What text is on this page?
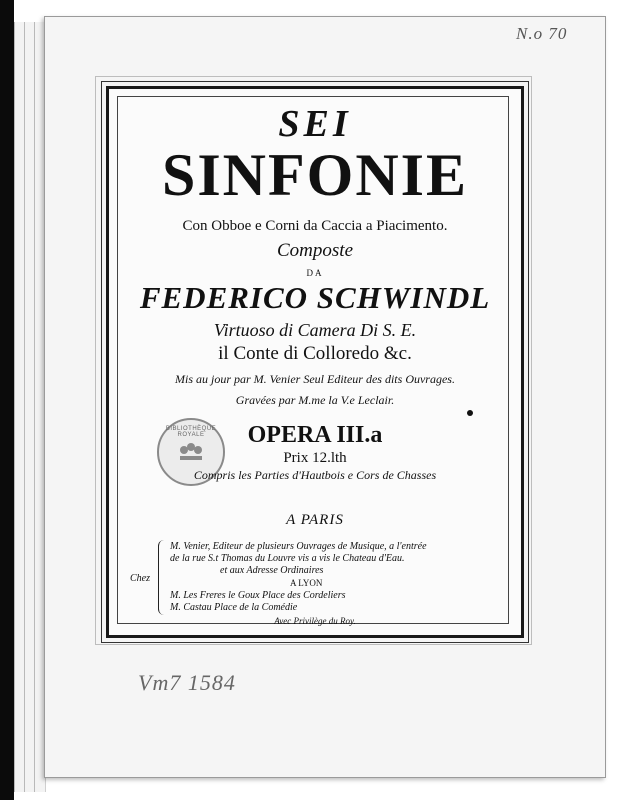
N.o 70
SEI
SINFONIE
Con Obboe e Corni da Caccia a Piacimento.
Composte
DA
FEDERICO SCHWINDL
Virtuoso di Camera Di S. E.
il Conte di Colloredo &c.
Mis au jour par M. Venier Seul Editeur des dits Ouvrages.
Gravées par M.me la V.e Leclair.
BIBLIOTHÈQUE ROYALE	OPERA III.a
Prix 12.lth
Compris les Parties d'Hautbois e Cors de Chasses
A PARIS
Chez
M. Venier, Editeur de plusieurs Ouvrages de Musique, a l'entrée
de la rue S.t Thomas du Louvre vis a vis le Chateau d'Eau.
et aux Adresse Ordinaires
A LYON
M. Les Freres le Goux Place des Cordeliers
M. Castau Place de la Comédie
Avec Privilège du Roy.
Vm7 1584
